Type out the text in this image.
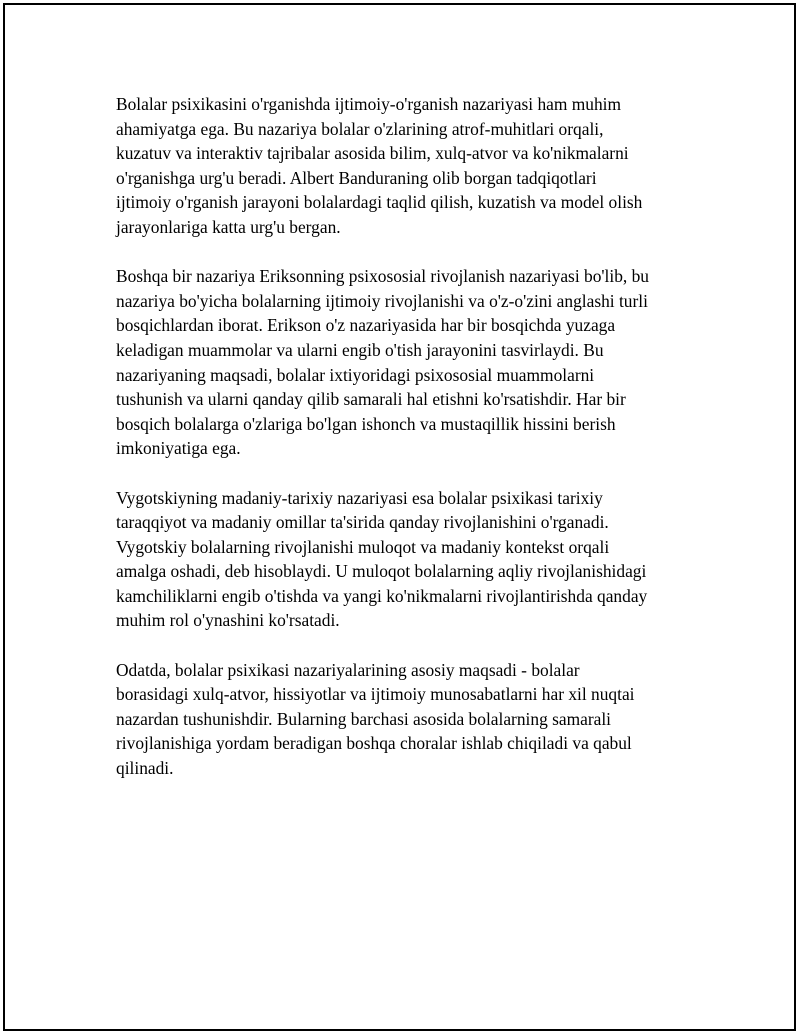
Bolalar psixikasini o'rganishda ijtimoiy-o'rganish nazariyasi ham muhim
ahamiyatga ega. Bu nazariya bolalar o'zlarining atrof-muhitlari orqali,
kuzatuv va interaktiv tajribalar asosida bilim, xulq-atvor va ko'nikmalarni
o'rganishga urg'u beradi. Albert Banduraning olib borgan tadqiqotlari
ijtimoiy o'rganish jarayoni bolalardagi taqlid qilish, kuzatish va model olish
jarayonlariga katta urg'u bergan.

Boshqa bir nazariya Eriksonning psixososial rivojlanish nazariyasi bo'lib, bu
nazariya bo'yicha bolalarning ijtimoiy rivojlanishi va o'z-o'zini anglashi turli
bosqichlardan iborat. Erikson o'z nazariyasida har bir bosqichda yuzaga
keladigan muammolar va ularni engib o'tish jarayonini tasvirlaydi. Bu
nazariyaning maqsadi, bolalar ixtiyoridagi psixososial muammolarni
tushunish va ularni qanday qilib samarali hal etishni ko'rsatishdir. Har bir
bosqich bolalarga o'zlariga bo'lgan ishonch va mustaqillik hissini berish
imkoniyatiga ega.

Vygotskiyning madaniy-tarixiy nazariyasi esa bolalar psixikasi tarixiy
taraqqiyot va madaniy omillar ta'sirida qanday rivojlanishini o'rganadi.
Vygotskiy bolalarning rivojlanishi muloqot va madaniy kontekst orqali
amalga oshadi, deb hisoblaydi. U muloqot bolalarning aqliy rivojlanishidagi
kamchiliklarni engib o'tishda va yangi ko'nikmalarni rivojlantirishda qanday
muhim rol o'ynashini ko'rsatadi.

Odatda, bolalar psixikasi nazariyalarining asosiy maqsadi - bolalar
borasidagi xulq-atvor, hissiyotlar va ijtimoiy munosabatlarni har xil nuqtai
nazardan tushunishdir. Bularning barchasi asosida bolalarning samarali
rivojlanishiga yordam beradigan boshqa choralar ishlab chiqiladi va qabul
qilinadi.
